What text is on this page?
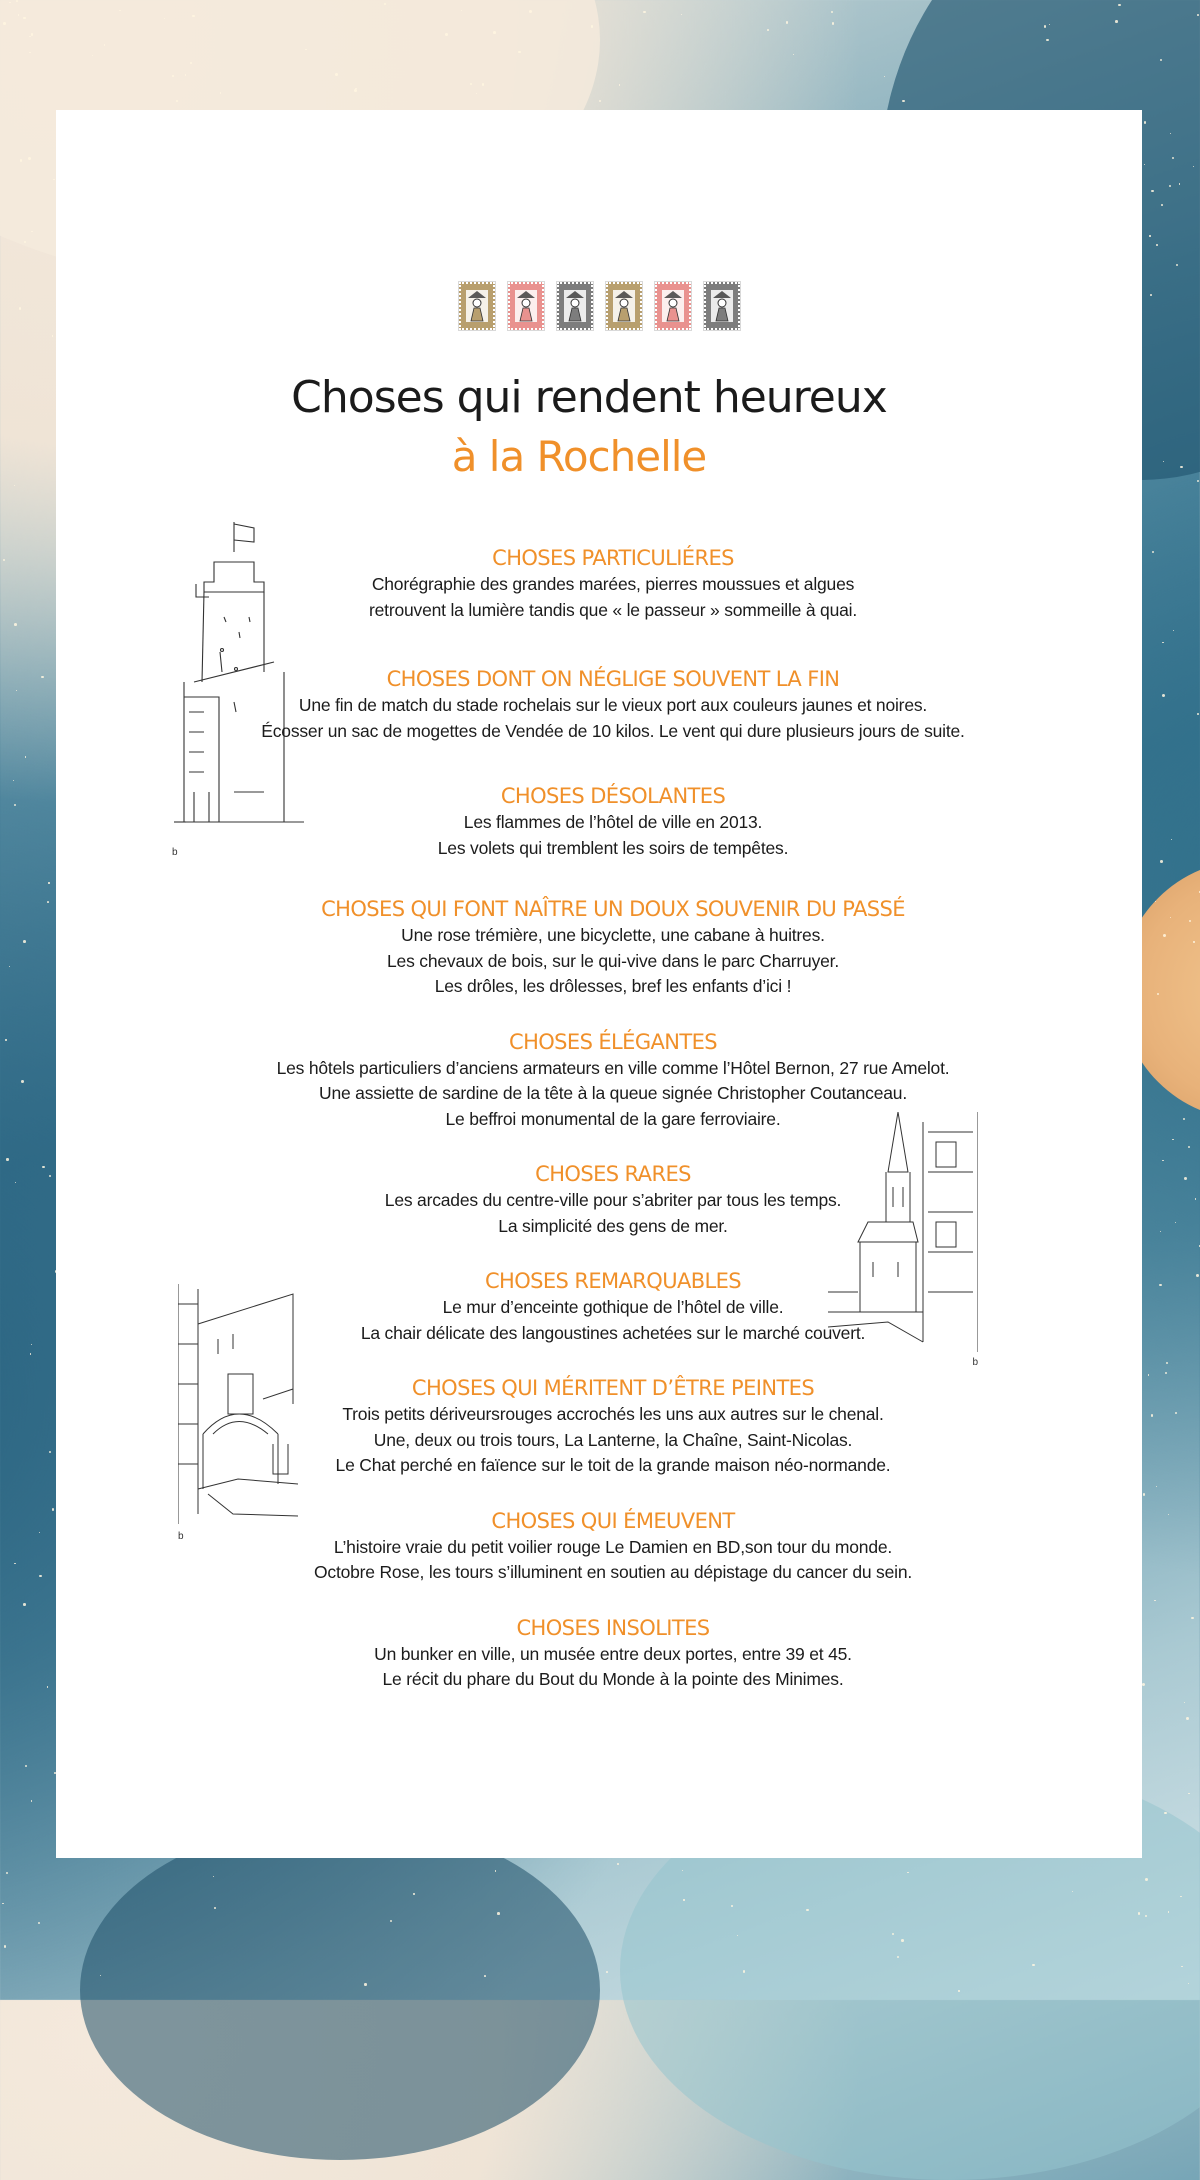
Choses qui rendent heureux
à la Rochelle
b
b
b
CHOSES PARTICULIÉRES
Chorégraphie des grandes marées, pierres moussues et algues
retrouvent la lumière tandis que « le passeur » sommeille à quai.
CHOSES DONT ON NÉGLIGE SOUVENT LA FIN
Une fin de match du stade rochelais sur le vieux port aux couleurs jaunes et noires.
Écosser un sac de mogettes de Vendée de 10 kilos. Le vent qui dure plusieurs jours de suite.
CHOSES DÉSOLANTES
Les flammes de l’hôtel de ville en 2013.
Les volets qui tremblent les soirs de tempêtes.
CHOSES QUI FONT NAÎTRE UN DOUX SOUVENIR DU PASSÉ
Une rose trémière, une bicyclette, une cabane à huitres.
Les chevaux de bois, sur le qui-vive dans le parc Charruyer.
Les drôles, les drôlesses, bref les enfants d’ici !
CHOSES ÉLÉGANTES
Les hôtels particuliers d’anciens armateurs en ville comme l’Hôtel Bernon, 27 rue Amelot.
Une assiette de sardine de la tête à la queue signée Christopher Coutanceau.
Le beffroi monumental de la gare ferroviaire.
CHOSES RARES
Les arcades du centre-ville pour s’abriter par tous les temps.
La simplicité des gens de mer.
CHOSES REMARQUABLES
Le mur d’enceinte gothique de l’hôtel de ville.
La chair délicate des langoustines achetées sur le marché couvert.
CHOSES QUI MÉRITENT D’ÊTRE PEINTES
Trois petits dériveursrouges accrochés les uns aux autres sur le chenal.
Une, deux ou trois tours, La Lanterne, la Chaîne, Saint-Nicolas.
Le Chat perché en faïence sur le toit de la grande maison néo-normande.
CHOSES QUI ÉMEUVENT
L’histoire vraie du petit voilier rouge Le Damien en BD,son tour du monde.
Octobre Rose, les tours s’illuminent en soutien au dépistage du cancer du sein.
CHOSES INSOLITES
Un bunker en ville, un musée entre deux portes, entre 39 et 45.
Le récit du phare du Bout du Monde à la pointe des Minimes.
